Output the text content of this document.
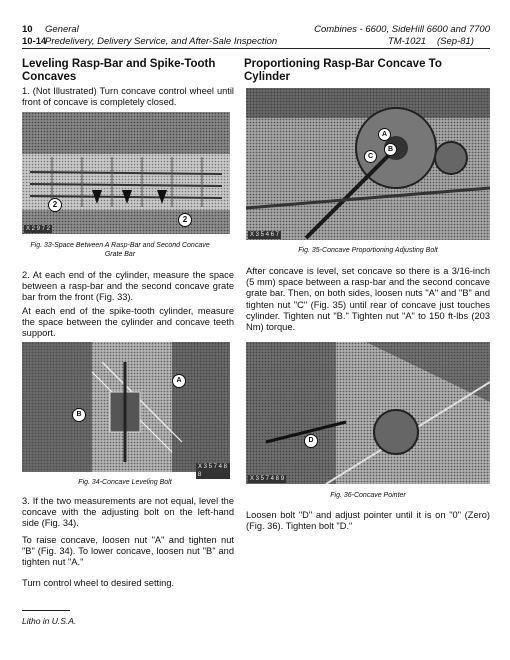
10 General	Combines - 6600, SideHill 6600 and 7700
10-14
Predelivery, Delivery Service, and After-Sale Inspection	TM-1021 (Sep-81)
Leveling Rasp-Bar and Spike-Tooth Concaves
1. (Not Illustrated) Turn concave control wheel until front of concave is completely closed.
2
2
X 2 9 7 2
Fig. 33-Space Between A Rasp-Bar and Second Concave Grate Bar
2. At each end of the cylinder, measure the space between a rasp-bar and the second concave grate bar from the front (Fig. 33).
At each end of the spike-tooth cylinder, measure the space between the cylinder and concave teeth support.
A
B
X 3 5 7 4 8 8
Fig. 34-Concave Leveling Bolt
3. If the two measurements are not equal, level the concave with the adjusting bolt on the left-hand side (Fig. 34).
To raise concave, loosen nut "A" and tighten nut "B" (Fig. 34). To lower concave, loosen nut "B" and tighten nut "A."
Turn control wheel to desired setting.
Proportioning Rasp-Bar Concave To Cylinder
A
B
C
X 3 5 4 6 7
Fig. 35-Concave Proportioning Adjusting Bolt
After concave is level, set concave so there is a 3/16-inch (5 mm) space between a rasp-bar and the second concave grate bar. Then, on both sides, loosen nuts "A" and "B" and tighten nut "C" (Fig. 35) until rear of concave just touches cylinder. Tighten nut "B." Tighten nut "A" to 150 ft-lbs (203 Nm) torque.
D
X 3 5 7 4 8 9
Fig. 36-Concave Pointer
Loosen bolt "D" and adjust pointer until it is on "0" (Zero) (Fig. 36). Tighten bolt "D."
Litho in U.S.A.
